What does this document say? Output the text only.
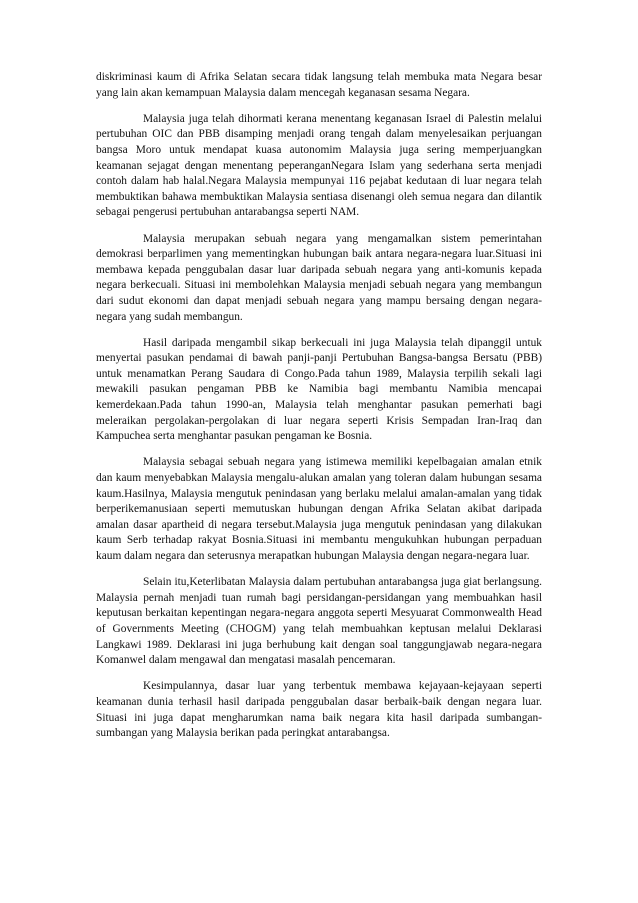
diskriminasi kaum di Afrika Selatan secara tidak langsung telah membuka mata Negara besar yang lain akan kemampuan Malaysia dalam mencegah keganasan sesama Negara.

Malaysia juga telah dihormati kerana menentang keganasan Israel di Palestin melalui pertubuhan OIC dan PBB disamping menjadi orang tengah dalam menyelesaikan perjuangan bangsa Moro untuk mendapat kuasa autonomim Malaysia juga sering memperjuangkan keamanan sejagat dengan menentang peperanganNegara Islam yang sederhana serta menjadi contoh dalam hab halal.Negara Malaysia mempunyai 116 pejabat kedutaan di luar negara telah membuktikan bahawa membuktikan Malaysia sentiasa disenangi oleh semua negara dan dilantik sebagai pengerusi pertubuhan antarabangsa seperti NAM.

Malaysia merupakan sebuah negara yang mengamalkan sistem pemerintahan demokrasi berparlimen yang mementingkan hubungan baik antara negara-negara luar.Situasi ini membawa kepada penggubalan dasar luar daripada sebuah negara yang anti-komunis kepada negara berkecuali. Situasi ini membolehkan Malaysia menjadi sebuah negara yang membangun dari sudut ekonomi dan dapat menjadi sebuah negara yang mampu bersaing dengan negara-negara yang sudah membangun.

Hasil daripada mengambil sikap berkecuali ini juga Malaysia telah dipanggil untuk menyertai pasukan pendamai di bawah panji-panji Pertubuhan Bangsa-bangsa Bersatu (PBB) untuk menamatkan Perang Saudara di Congo.Pada tahun 1989, Malaysia terpilih sekali lagi mewakili pasukan pengaman PBB ke Namibia bagi membantu Namibia mencapai kemerdekaan.Pada tahun 1990-an, Malaysia telah menghantar pasukan pemerhati bagi meleraikan pergolakan-pergolakan di luar negara seperti Krisis Sempadan Iran-Iraq dan Kampuchea serta menghantar pasukan pengaman ke Bosnia.

Malaysia sebagai sebuah negara yang istimewa memiliki kepelbagaian amalan etnik dan kaum menyebabkan Malaysia mengalu-alukan amalan yang toleran dalam hubungan sesama kaum.Hasilnya, Malaysia mengutuk penindasan yang berlaku melalui amalan-amalan yang tidak berperikemanusiaan seperti memutuskan hubungan dengan Afrika Selatan akibat daripada amalan dasar apartheid di negara tersebut.Malaysia juga mengutuk penindasan yang dilakukan kaum Serb terhadap rakyat Bosnia.Situasi ini membantu mengukuhkan hubungan perpaduan kaum dalam negara dan seterusnya merapatkan hubungan Malaysia dengan negara-negara luar.

Selain itu,Keterlibatan Malaysia dalam pertubuhan antarabangsa juga giat berlangsung. Malaysia pernah menjadi tuan rumah bagi persidangan-persidangan yang membuahkan hasil keputusan berkaitan kepentingan negara-negara anggota seperti Mesyuarat Commonwealth Head of Governments Meeting (CHOGM) yang telah membuahkan keptusan melalui Deklarasi Langkawi 1989. Deklarasi ini juga berhubung kait dengan soal tanggungjawab negara-negara Komanwel dalam mengawal dan mengatasi masalah pencemaran.

Kesimpulannya, dasar luar yang terbentuk membawa kejayaan-kejayaan seperti keamanan dunia terhasil hasil daripada penggubalan dasar berbaik-baik dengan negara luar. Situasi ini juga dapat mengharumkan nama baik negara kita hasil daripada sumbangan-sumbangan yang Malaysia berikan pada peringkat antarabangsa.
